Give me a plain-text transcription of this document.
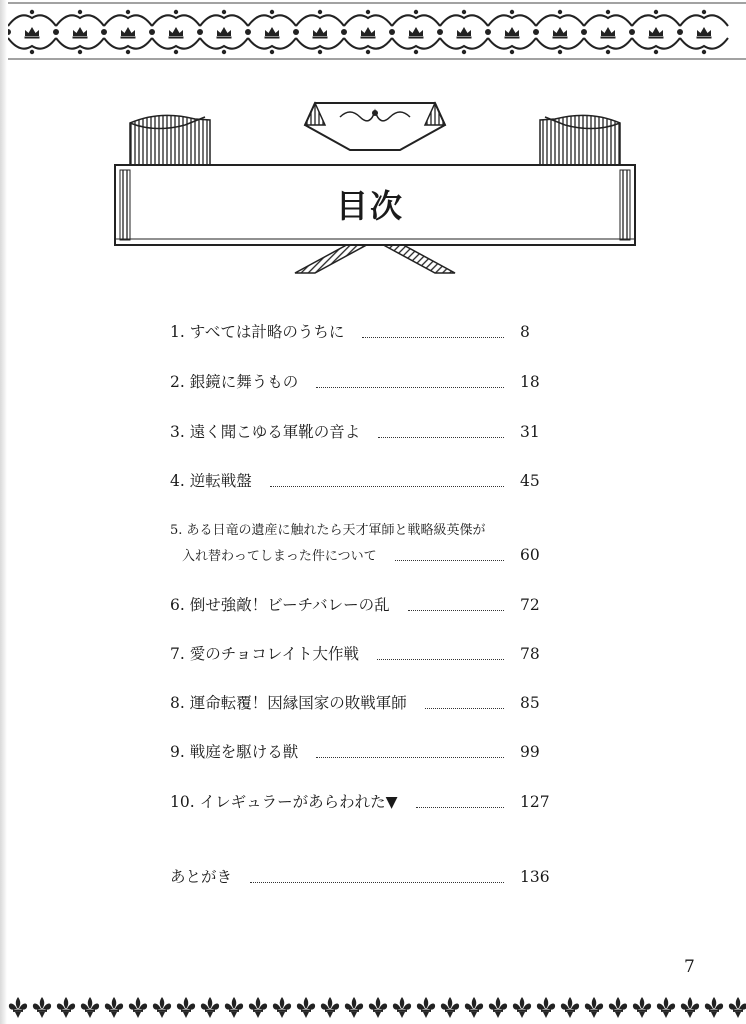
目次
1. すべては計略のうちに	8
2. 銀鏡に舞うもの	18
3. 遠く聞こゆる軍靴の音よ	31
4. 逆転戦盤	45
5. ある日竜の遺産に触れたら天才軍師と戦略級英傑が
入れ替わってしまった件について	60
6. 倒せ強敵！ビーチバレーの乱	72
7. 愛のチョコレイト大作戦	78
8. 運命転覆！因縁国家の敗戦軍師	85
9. 戦庭を駆ける獣	99
10. イレギュラーがあらわれた▼	127
あとがき	136
7
